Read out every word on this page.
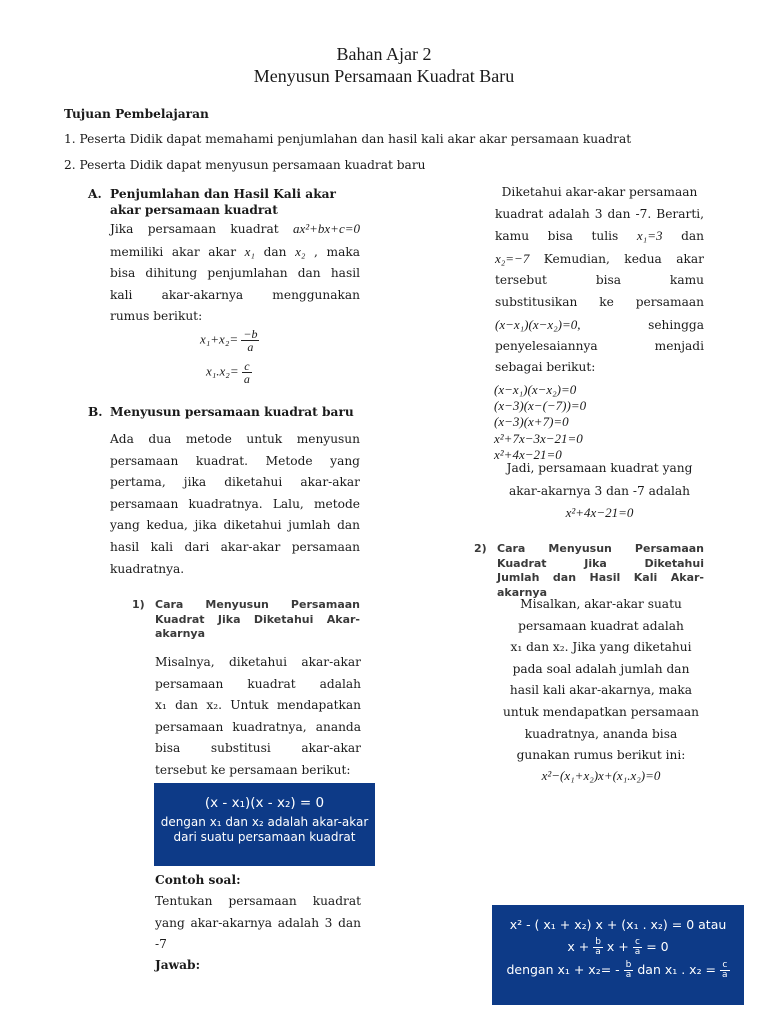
Bahan Ajar 2
Menyusun Persamaan Kuadrat Baru
Tujuan Pembelajaran
1. Peserta Didik dapat memahami penjumlahan dan hasil kali akar akar persamaan kuadrat
2. Peserta Didik dapat menyusun persamaan kuadrat baru
A. Penjumlahan dan Hasil Kali akar
akar persamaan kuadrat
Jika persamaan kuadrat ax²+bx+c=0
memiliki akar akar x₁ dan x₂ , maka
bisa dihitung penjumlahan dan hasil
kali akar-akarnya menggunakan
rumus berikut:
$x_1+x_2= \frac{-b}{a}$
$x_1.x_2= \frac{c}{a}$
B. Menyusun persamaan kuadrat baru
Ada dua metode untuk menyusun
persamaan kuadrat. Metode yang
pertama, jika diketahui akar-akar
persamaan kuadratnya. Lalu, metode
yang kedua, jika diketahui jumlah dan
hasil kali dari akar-akar persamaan
kuadratnya.
1) Cara Menyusun Persamaan
Kuadrat Jika Diketahui Akar-
akarnya
Misalnya, diketahui akar-akar
persamaan kuadrat adalah
x₁ dan x₂. Untuk mendapatkan
persamaan kuadratnya, ananda
bisa substitusi akar-akar
tersebut ke persamaan berikut:
(x - x₁)(x - x₂) = 0
dengan x₁ dan x₂ adalah akar-akar
dari suatu persamaan kuadrat
Contoh soal:
Tentukan persamaan kuadrat
yang akar-akarnya adalah 3 dan
-7
Jawab:
Diketahui akar-akar persamaan
kuadrat adalah 3 dan -7. Berarti,
kamu bisa tulis x₁=3 dan
x₂=−7 Kemudian, kedua akar
tersebut bisa kamu
substitusikan ke persamaan
(x−x₁)(x−x₂)=0,	sehingga
penyelesaiannya menjadi
sebagai berikut:
(x−x₁)(x−x₂)=0
(x−3)(x−(−7))=0
(x−3)(x+7)=0
x²+7x−3x−21=0
x²+4x−21=0
Jadi, persamaan kuadrat yang
akar-akarnya 3 dan -7 adalah
x²+4x−21=0
2) Cara Menyusun Persamaan
Kuadrat Jika Diketahui
Jumlah dan Hasil Kali Akar-
akarnya
Misalkan, akar-akar suatu
persamaan kuadrat adalah
x₁ dan x₂. Jika yang diketahui
pada soal adalah jumlah dan
hasil kali akar-akarnya, maka
untuk mendapatkan persamaan
kuadratnya, ananda bisa
gunakan rumus berikut ini:
x²−(x₁+x₂)x+(x₁.x₂)=0
x² - ( x₁ + x₂) x + (x₁ . x₂) = 0 atau
$x + \frac{b}{a}$ $x + \frac{c}{a} = 0$
dengan $x_1 + x_2= - \frac{b}{a}$ dan x₁ . $x_2 = \frac{c}{a}$
